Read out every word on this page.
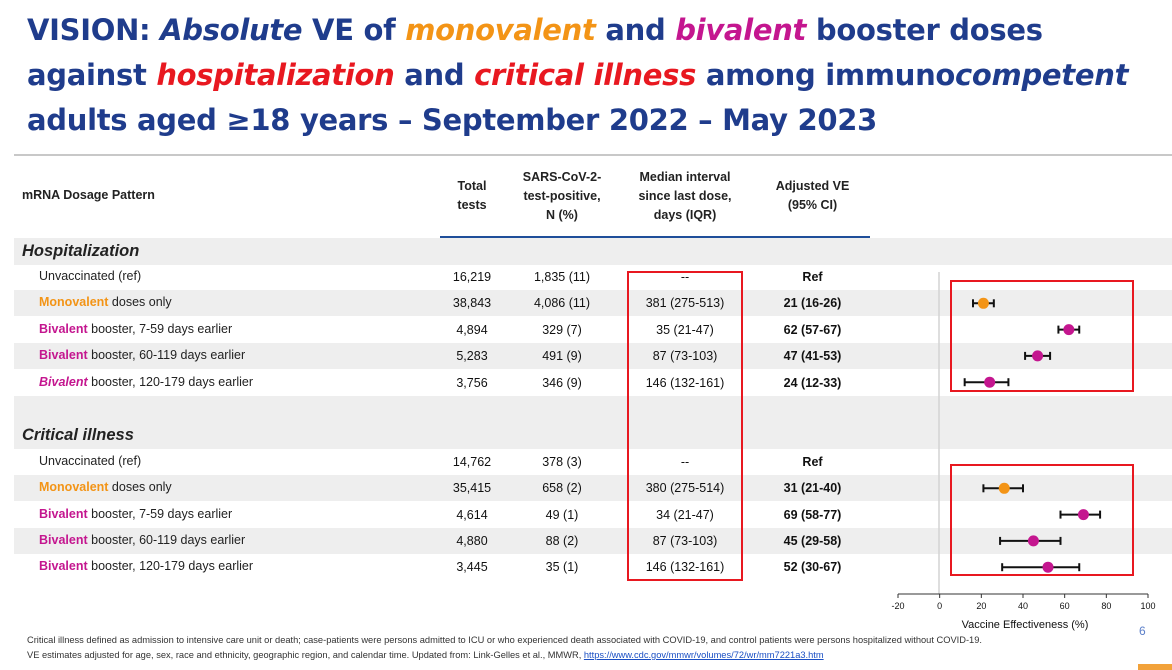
VISION: Absolute VE of monovalent and bivalent booster doses against hospitalization and critical illness among immunocompetent adults aged ≥18 years – September 2022 – May 2023
mRNA Dosage Pattern
Total
tests
SARS-CoV-2-
test-positive,
N (%)
Median interval
since last dose,
days (IQR)
Adjusted VE
(95% CI)
Hospitalization
Critical illness
Unvaccinated (ref)	16,219	1,835 (11)	--	Ref
Monovalent doses only	38,843	4,086 (11)	381 (275-513)	21 (16-26)
Bivalent booster, 7-59 days earlier	4,894	329 (7)	35 (21-47)	62 (57-67)
Bivalent booster, 60-119 days earlier	5,283	491 (9)	87 (73-103)	47 (41-53)
Bivalent booster, 120-179 days earlier	3,756	346 (9)	146 (132-161)	24 (12-33)
Unvaccinated (ref)	14,762	378 (3)	--	Ref
Monovalent doses only	35,415	658 (2)	380 (275-514)	31 (21-40)
Bivalent booster, 7-59 days earlier	4,614	49 (1)	34 (21-47)	69 (58-77)
Bivalent booster, 60-119 days earlier	4,880	88 (2)	87 (73-103)	45 (29-58)
Bivalent booster, 120-179 days earlier	3,445	35 (1)	146 (132-161)	52 (30-67)
-20	0	20	40	60	80	100
Vaccine Effectiveness (%)
Critical illness defined as admission to intensive care unit or death; case-patients were persons admitted to ICU or who experienced death associated with COVID-19, and control patients were persons hospitalized without COVID-19.
VE estimates adjusted for age, sex, race and ethnicity, geographic region, and calendar time. Updated from: Link-Gelles et al., MMWR, https://www.cdc.gov/mmwr/volumes/72/wr/mm7221a3.htm
6
